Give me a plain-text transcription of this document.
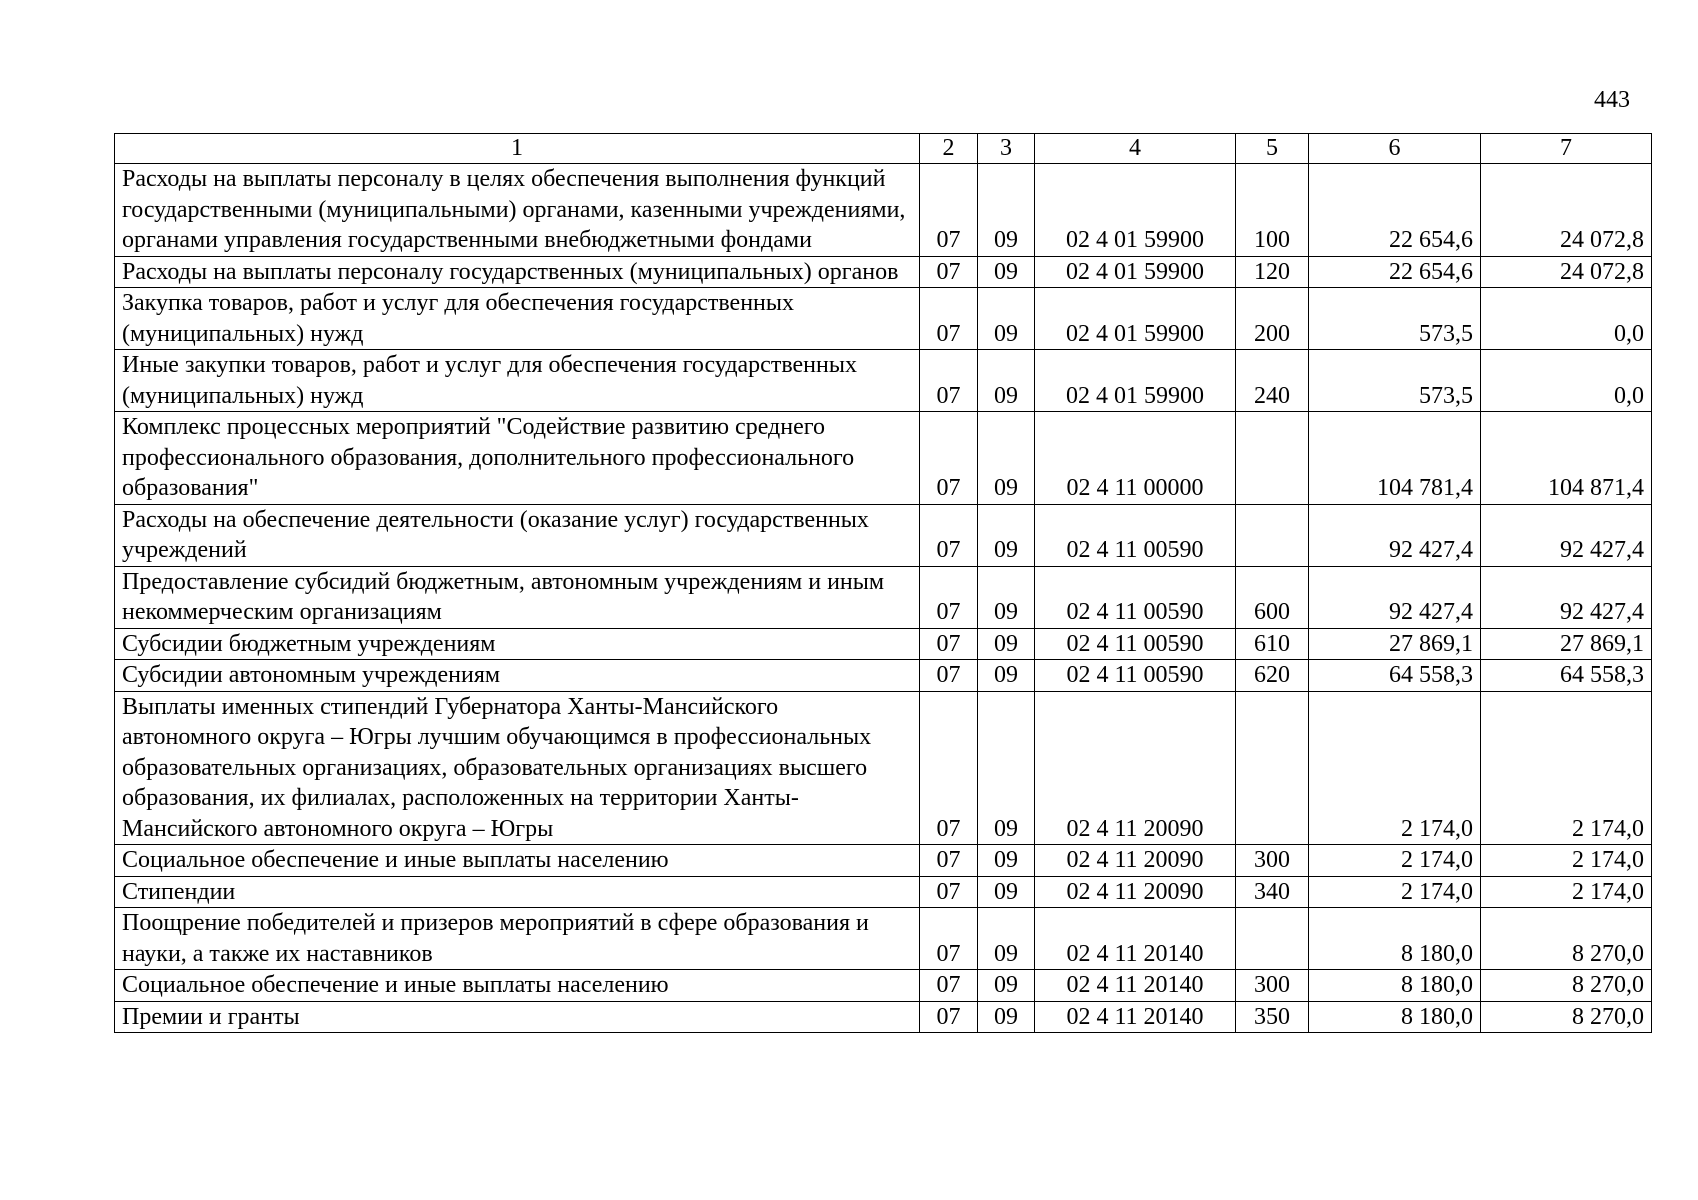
443
1	2	3	4	5	6	7
Расходы на выплаты персоналу в целях обеспечения выполнения функций государственными (муниципальными) органами, казенными учреждениями, органами управления государственными внебюджетными фондами	07	09	02 4 01 59900	100	22 654,6	24 072,8
Расходы на выплаты персоналу государственных (муниципальных) органов	07	09	02 4 01 59900	120	22 654,6	24 072,8
Закупка товаров, работ и услуг для обеспечения государственных (муниципальных) нужд	07	09	02 4 01 59900	200	573,5	0,0
Иные закупки товаров, работ и услуг для обеспечения государственных (муниципальных) нужд	07	09	02 4 01 59900	240	573,5	0,0
Комплекс процессных мероприятий "Содействие развитию среднего профессионального образования, дополнительного профессионального образования"	07	09	02 4 11 00000		104 781,4	104 871,4
Расходы на обеспечение деятельности (оказание услуг) государственных учреждений	07	09	02 4 11 00590		92 427,4	92 427,4
Предоставление субсидий бюджетным, автономным учреждениям и иным некоммерческим организациям	07	09	02 4 11 00590	600	92 427,4	92 427,4
Субсидии бюджетным учреждениям	07	09	02 4 11 00590	610	27 869,1	27 869,1
Субсидии автономным учреждениям	07	09	02 4 11 00590	620	64 558,3	64 558,3
Выплаты именных стипендий Губернатора Ханты-Мансийского автономного округа – Югры лучшим обучающимся в профессиональных образовательных организациях, образовательных организациях высшего образования, их филиалах, расположенных на территории Ханты-Мансийского автономного округа – Югры	07	09	02 4 11 20090		2 174,0	2 174,0
Социальное обеспечение и иные выплаты населению	07	09	02 4 11 20090	300	2 174,0	2 174,0
Стипендии	07	09	02 4 11 20090	340	2 174,0	2 174,0
Поощрение победителей и призеров мероприятий в сфере образования и науки, а также их наставников	07	09	02 4 11 20140		8 180,0	8 270,0
Социальное обеспечение и иные выплаты населению	07	09	02 4 11 20140	300	8 180,0	8 270,0
Премии и гранты	07	09	02 4 11 20140	350	8 180,0	8 270,0
